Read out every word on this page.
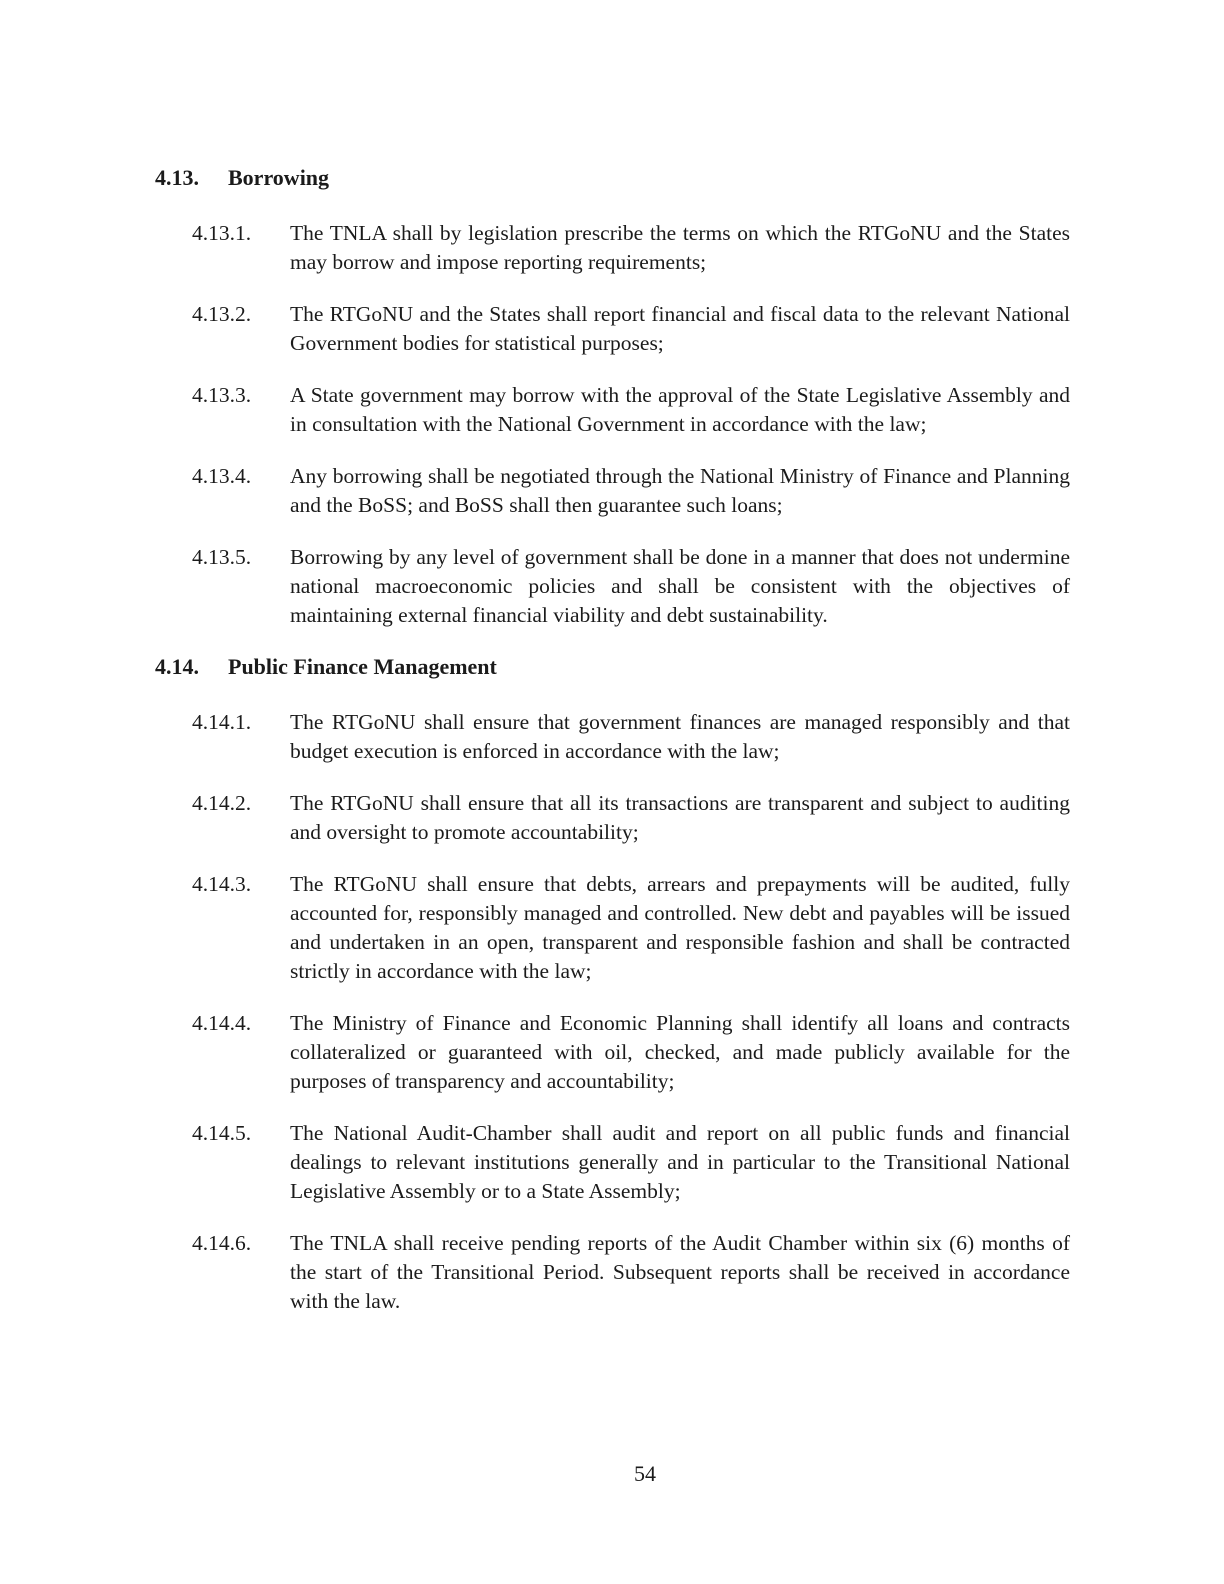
4.13.	Borrowing
4.13.1.	The TNLA shall by legislation prescribe the terms on which the RTGoNU and the States may borrow and impose reporting requirements;

4.13.2.	The RTGoNU and the States shall report financial and fiscal data to the relevant National Government bodies for statistical purposes;

4.13.3.	A State government may borrow with the approval of the State Legislative Assembly and in consultation with the National Government in accordance with the law;

4.13.4.	Any borrowing shall be negotiated through the National Ministry of Finance and Planning and the BoSS; and BoSS shall then guarantee such loans;

4.13.5.	Borrowing by any level of government shall be done in a manner that does not undermine national macroeconomic policies and shall be consistent with the objectives of maintaining external financial viability and debt sustainability.

4.14.	Public Finance Management
4.14.1.	The RTGoNU shall ensure that government finances are managed responsibly and that budget execution is enforced in accordance with the law;

4.14.2.	The RTGoNU shall ensure that all its transactions are transparent and subject to auditing and oversight to promote accountability;

4.14.3.	The RTGoNU shall ensure that debts, arrears and prepayments will be audited, fully accounted for, responsibly managed and controlled. New debt and payables will be issued and undertaken in an open, transparent and responsible fashion and shall be contracted strictly in accordance with the law;

4.14.4.	The Ministry of Finance and Economic Planning shall identify all loans and contracts collateralized or guaranteed with oil, checked, and made publicly available for the purposes of transparency and accountability;

4.14.5.	The National Audit-Chamber shall audit and report on all public funds and financial dealings to relevant institutions generally and in particular to the Transitional National Legislative Assembly or to a State Assembly;

4.14.6.	The TNLA shall receive pending reports of the Audit Chamber within six (6) months of the start of the Transitional Period. Subsequent reports shall be received in accordance with the law.

54
